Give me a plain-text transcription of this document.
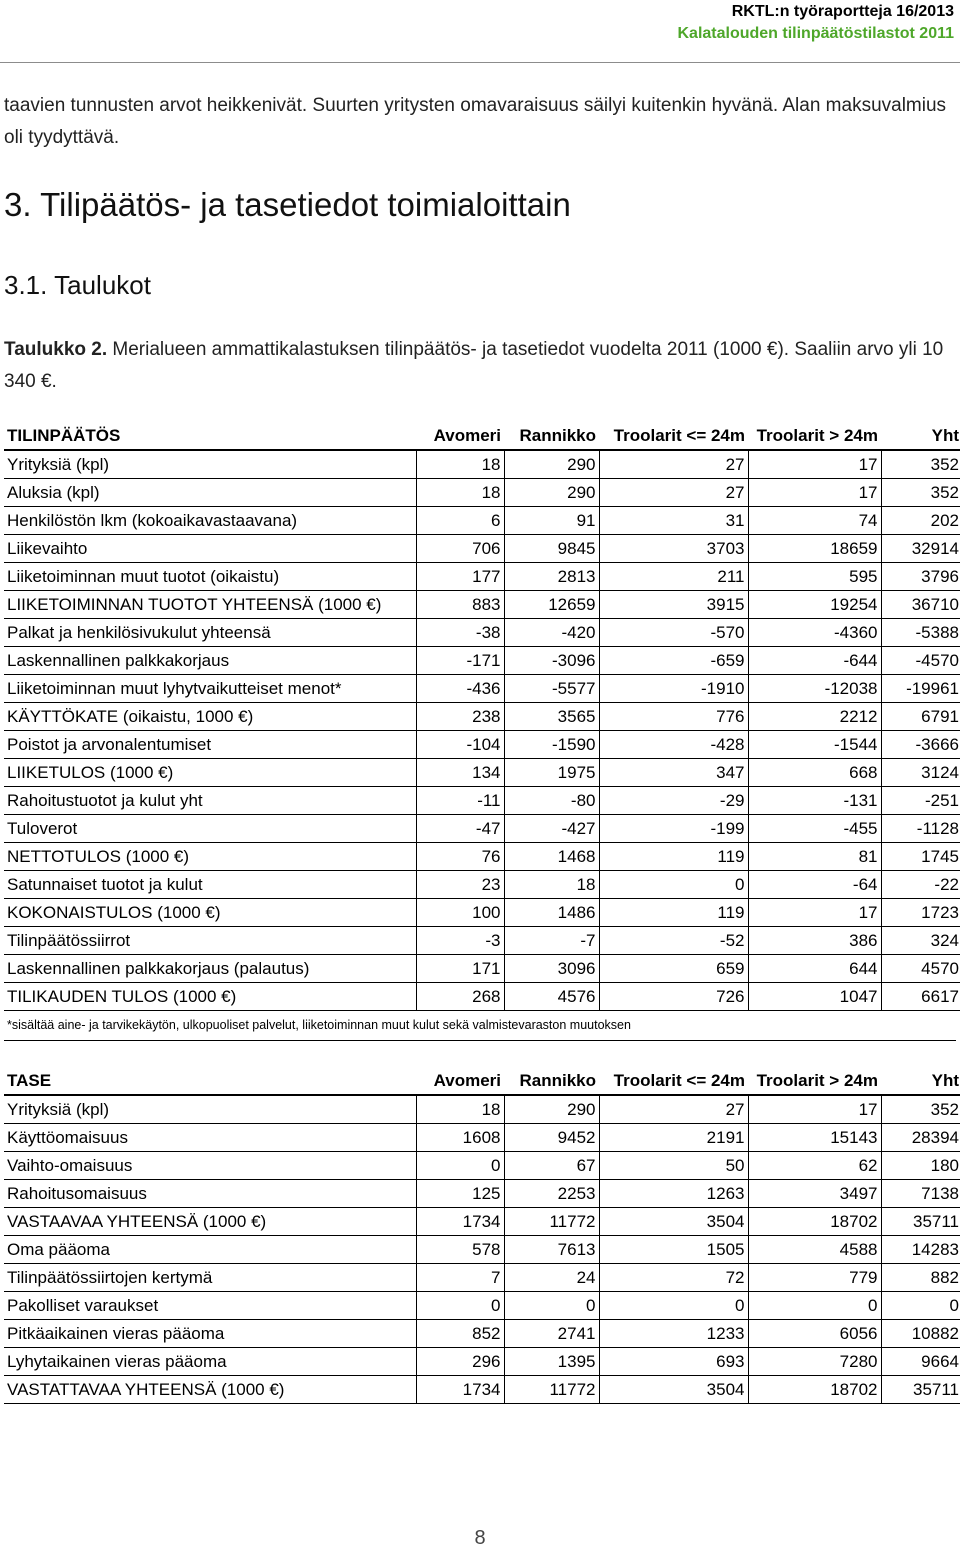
RKTL:n työraportteja 16/2013
Kalatalouden tilinpäätöstilastot 2011
taavien tunnusten arvot heikkenivät. Suurten yritysten omavaraisuus säilyi kuitenkin hyvänä. Alan maksuvalmius oli tyydyttävä.
3. Tilipäätös- ja tasetiedot toimialoittain
3.1. Taulukot
Taulukko 2. Merialueen ammattikalastuksen tilinpäätös- ja tasetiedot vuodelta 2011 (1000 €). Saaliin arvo yli 10 340 €.
TILINPÄÄTÖS	Avomeri	Rannikko	Troolarit <= 24m	Troolarit > 24m	Yht
Yrityksiä (kpl)	18	290	27	17	352
Aluksia (kpl)	18	290	27	17	352
Henkilöstön lkm (kokoaikavastaavana)	6	91	31	74	202
Liikevaihto	706	9845	3703	18659	32914
Liiketoiminnan muut tuotot (oikaistu)	177	2813	211	595	3796
LIIKETOIMINNAN TUOTOT YHTEENSÄ (1000 €)	883	12659	3915	19254	36710
Palkat ja henkilösivukulut yhteensä	-38	-420	-570	-4360	-5388
Laskennallinen palkkakorjaus	-171	-3096	-659	-644	-4570
Liiketoiminnan muut lyhytvaikutteiset menot*	-436	-5577	-1910	-12038	-19961
KÄYTTÖKATE (oikaistu, 1000 €)	238	3565	776	2212	6791
Poistot ja arvonalentumiset	-104	-1590	-428	-1544	-3666
LIIKETULOS (1000 €)	134	1975	347	668	3124
Rahoitustuotot ja kulut yht	-11	-80	-29	-131	-251
Tuloverot	-47	-427	-199	-455	-1128
NETTOTULOS (1000 €)	76	1468	119	81	1745
Satunnaiset tuotot ja kulut	23	18	0	-64	-22
KOKONAISTULOS (1000 €)	100	1486	119	17	1723
Tilinpäätössiirrot	-3	-7	-52	386	324
Laskennallinen palkkakorjaus (palautus)	171	3096	659	644	4570
TILIKAUDEN TULOS (1000 €)	268	4576	726	1047	6617
*sisältää aine- ja tarvikekäytön, ulkopuoliset palvelut, liiketoiminnan muut kulut sekä valmistevaraston muutoksen					
TASE	Avomeri	Rannikko	Troolarit <= 24m	Troolarit > 24m	Yht
Yrityksiä (kpl)	18	290	27	17	352
Käyttöomaisuus	1608	9452	2191	15143	28394
Vaihto-omaisuus	0	67	50	62	180
Rahoitusomaisuus	125	2253	1263	3497	7138
VASTAAVAA YHTEENSÄ (1000 €)	1734	11772	3504	18702	35711
Oma pääoma	578	7613	1505	4588	14283
Tilinpäätössiirtojen kertymä	7	24	72	779	882
Pakolliset varaukset	0	0	0	0	0
Pitkäaikainen vieras pääoma	852	2741	1233	6056	10882
Lyhytaikainen vieras pääoma	296	1395	693	7280	9664
VASTATTAVAA YHTEENSÄ (1000 €)	1734	11772	3504	18702	35711
8
